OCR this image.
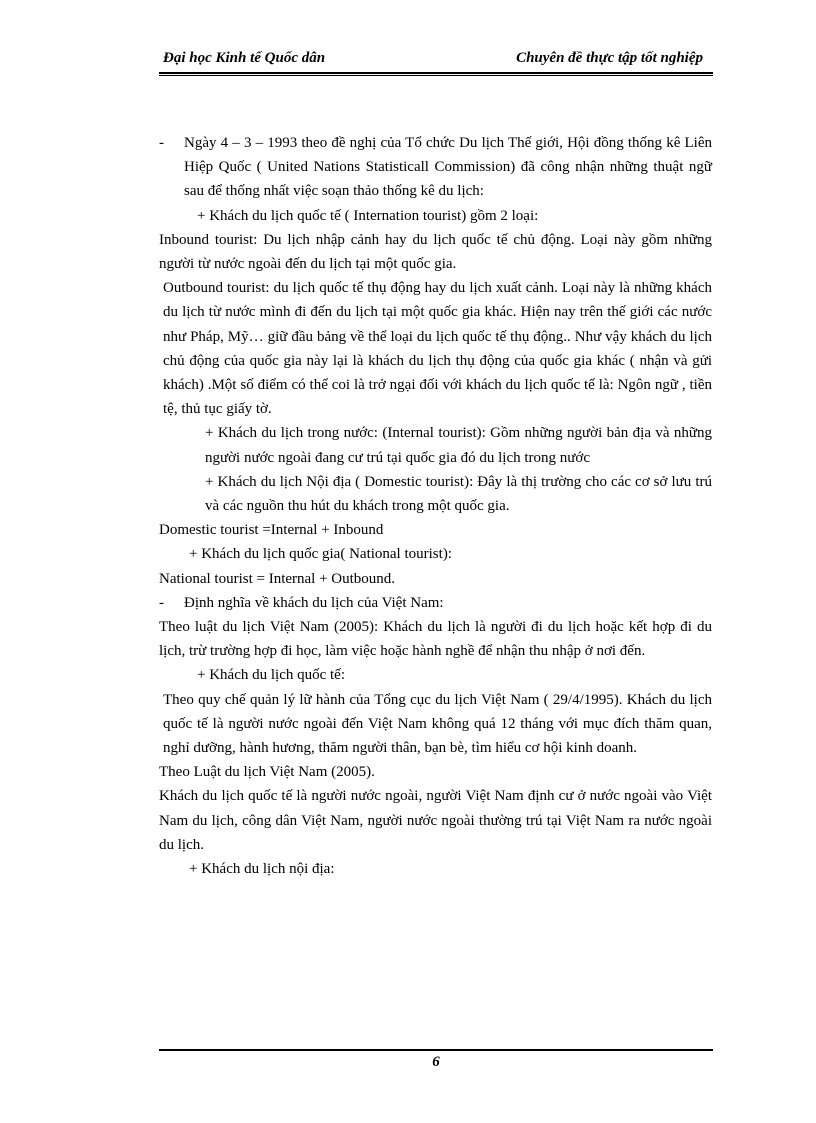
Đại học Kinh tế Quốc dân	Chuyên đề thực tập tốt nghiệp

- Ngày 4 – 3 – 1993 theo đề nghị của Tổ chức Du lịch Thế giới, Hội đồng thống kê Liên Hiệp Quốc ( United Nations Statisticall Commission) đã công nhận những thuật ngữ sau để thống nhất việc soạn thảo thống kê du lịch:

+ Khách du lịch quốc tế ( Internation tourist) gồm 2 loại:

Inbound tourist: Du lịch nhập cảnh hay du lịch quốc tế chủ động. Loại này gồm những người từ nước ngoài đến du lịch tại một quốc gia.

Outbound tourist: du lịch quốc tế thụ động hay du lịch xuất cảnh. Loại này là những khách du lịch từ nước mình đi đến du lịch tại một quốc gia khác. Hiện nay trên thế giới các nước như Pháp, Mỹ… giữ đầu bảng về thể loại du lịch quốc tế thụ động.. Như vậy khách du lịch chủ động của quốc gia này lại là khách du lịch thụ động của quốc gia khác ( nhận và gửi khách) .Một số điểm có thể coi là trở ngại đối với khách du lịch quốc tế là: Ngôn ngữ , tiền tệ, thủ tục giấy tờ.

+ Khách du lịch trong nước: (Internal tourist): Gồm những người bản địa và những người nước ngoài đang cư trú tại quốc gia đó du lịch trong nước

+ Khách du lịch Nội địa ( Domestic tourist): Đây là thị trường cho các cơ sở lưu trú và các nguồn thu hút du khách trong một quốc gia.

Domestic tourist =Internal + Inbound

+ Khách du lịch quốc gia( National tourist):

National tourist = Internal + Outbound.

- Định nghĩa về khách du lịch của Việt Nam:

Theo luật du lịch Việt Nam (2005): Khách du lịch là người đi du lịch hoặc kết hợp đi du lịch, trừ trường hợp đi học, làm việc hoặc hành nghề để nhận thu nhập ở nơi đến.

+ Khách du lịch quốc tế:

Theo quy chế quản lý lữ hành của Tổng cục du lịch Việt Nam ( 29/4/1995). Khách du lịch quốc tế là người nước ngoài đến Việt Nam không quá 12 tháng với mục đích thăm quan, nghỉ dưỡng, hành hương, thăm người thân, bạn bè, tìm hiểu cơ hội kinh doanh.

Theo Luật du lịch Việt Nam (2005).

Khách du lịch quốc tế là người nước ngoài, người Việt Nam định cư ở nước ngoài vào Việt Nam du lịch, công dân Việt Nam, người nước ngoài thường trú tại Việt Nam ra nước ngoài du lịch.

+ Khách du lịch nội địa:

6
